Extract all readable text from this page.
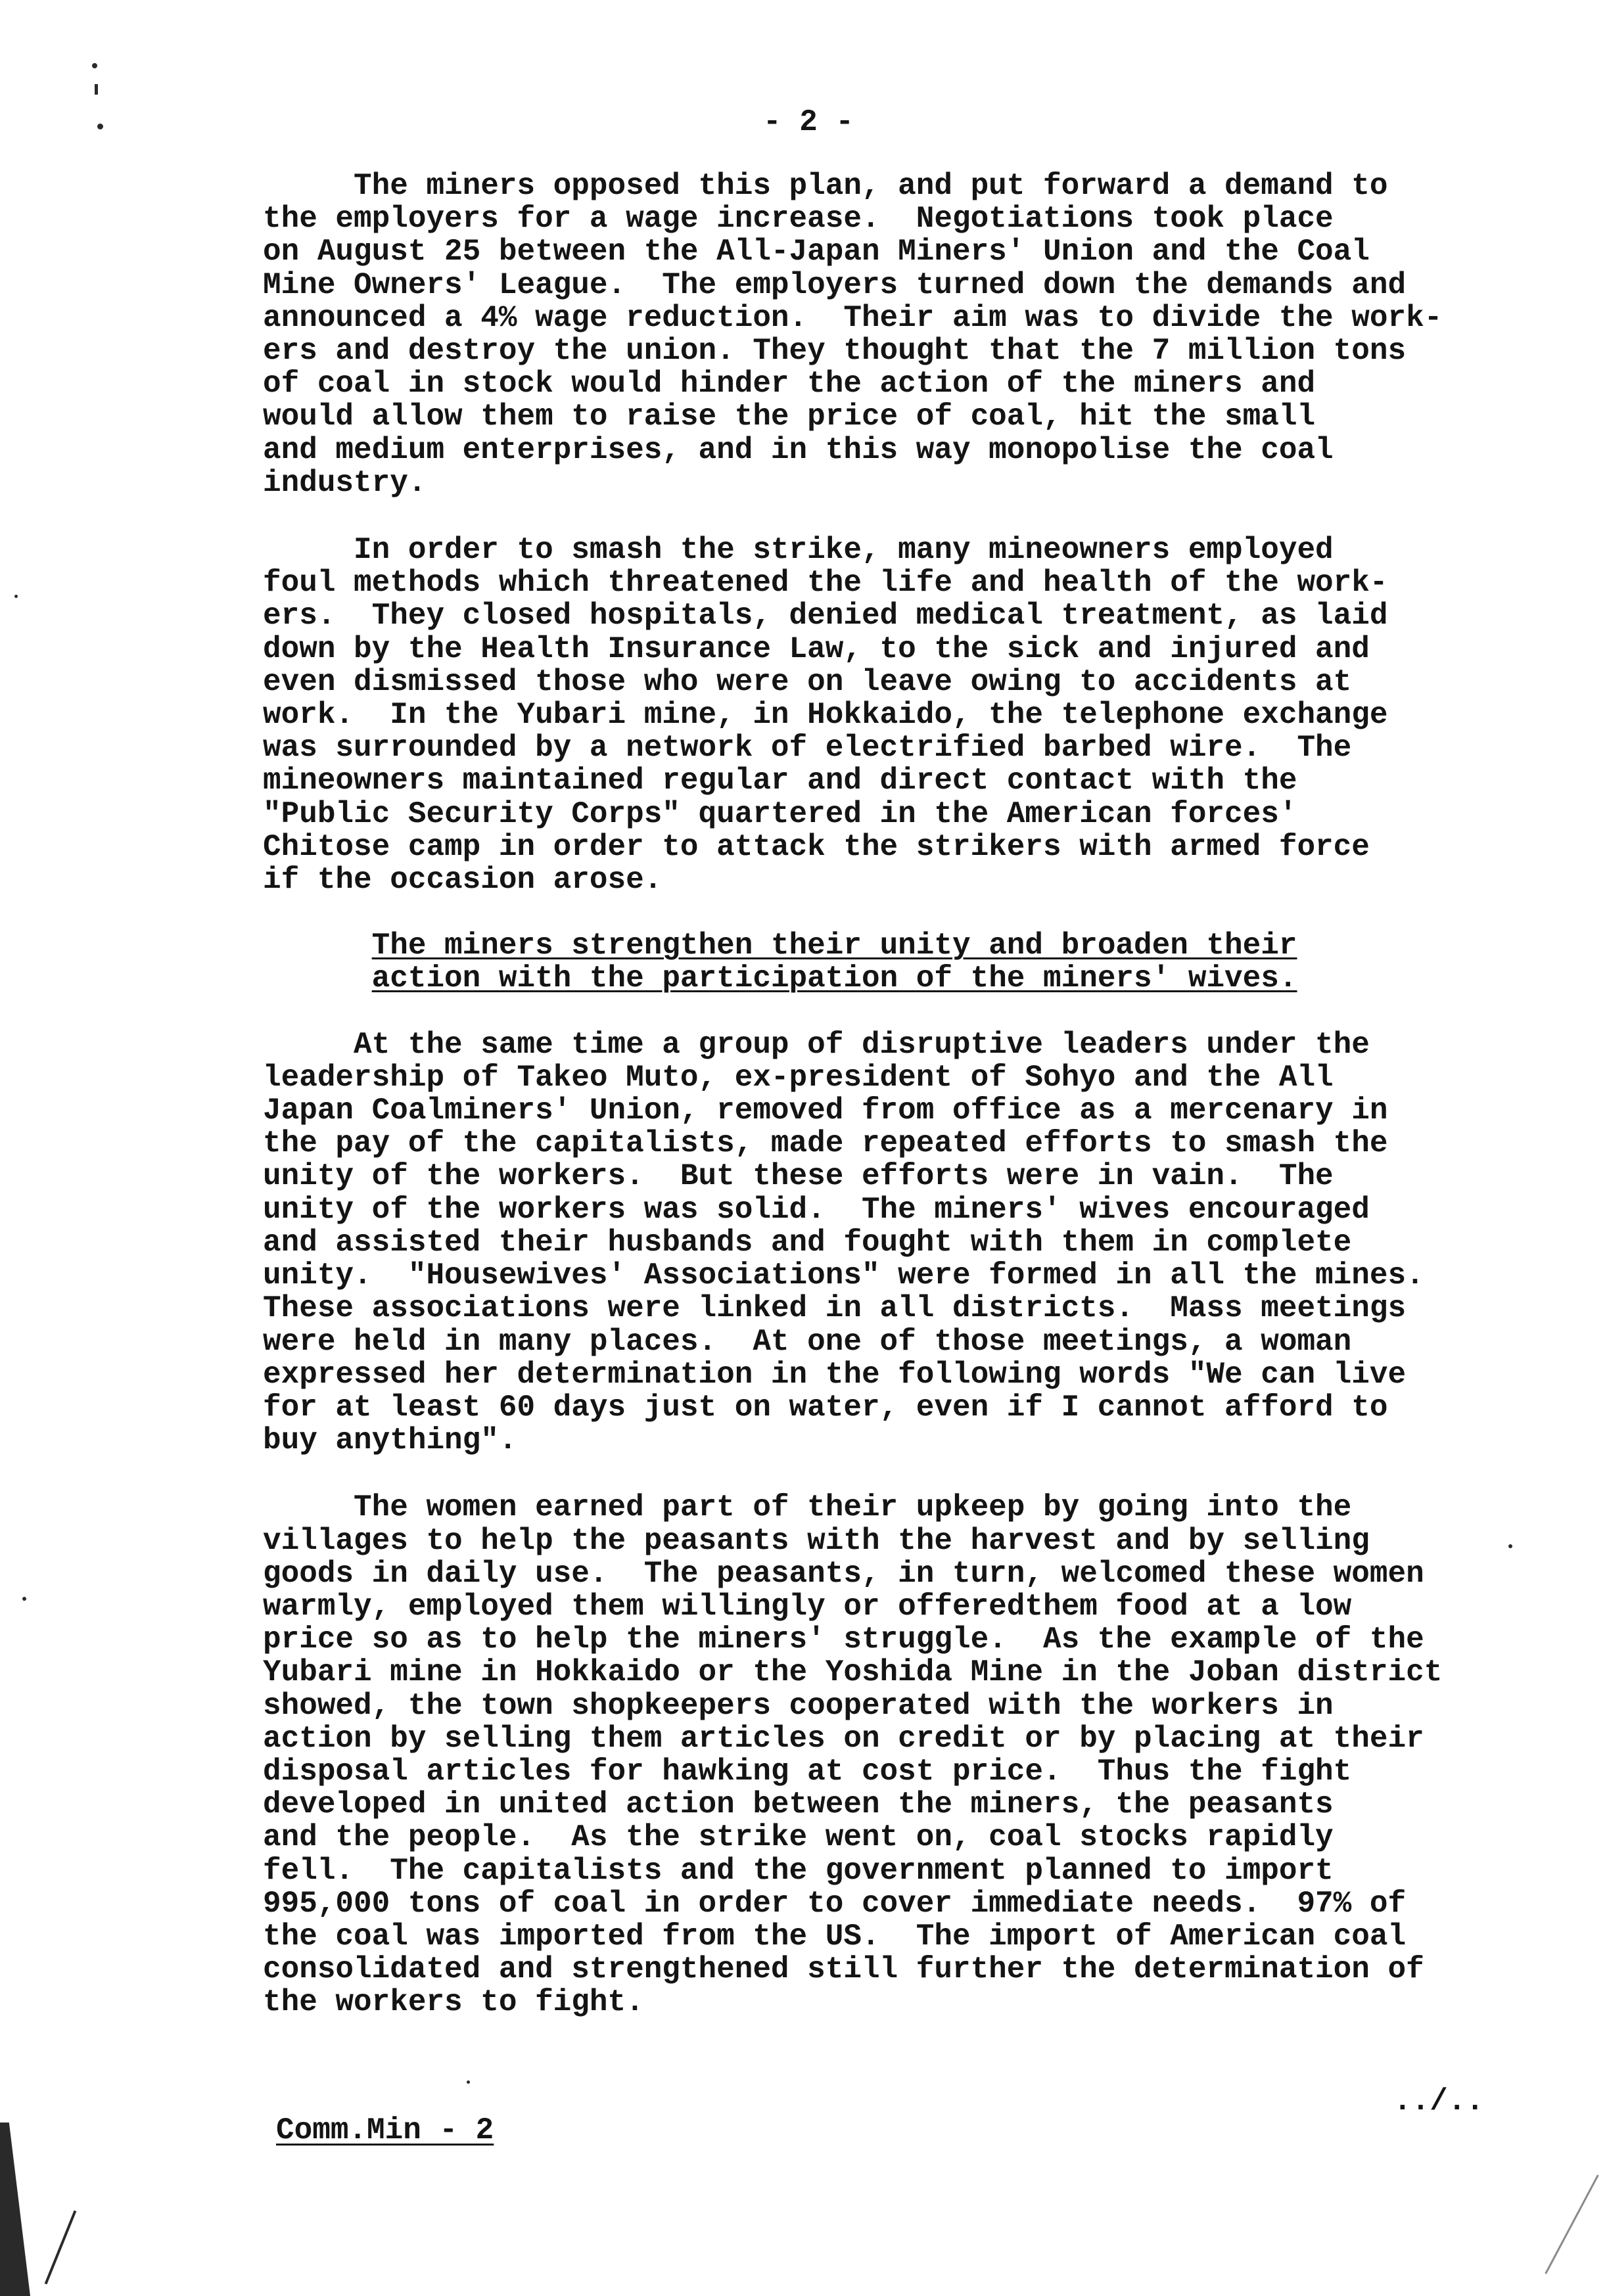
- 2 -

The miners opposed this plan, and put forward a demand to
the employers for a wage increase.  Negotiations took place
on August 25 between the All-Japan Miners' Union and the Coal
Mine Owners' League.  The employers turned down the demands and
announced a 4% wage reduction.  Their aim was to divide the work-
ers and destroy the union. They thought that the 7 million tons
of coal in stock would hinder the action of the miners and
would allow them to raise the price of coal, hit the small
and medium enterprises, and in this way monopolise the coal
industry.

In order to smash the strike, many mineowners employed
foul methods which threatened the life and health of the work-
ers.  They closed hospitals, denied medical treatment, as laid
down by the Health Insurance Law, to the sick and injured and
even dismissed those who were on leave owing to accidents at
work.  In the Yubari mine, in Hokkaido, the telephone exchange
was surrounded by a network of electrified barbed wire.  The
mineowners maintained regular and direct contact with the
"Public Security Corps" quartered in the American forces'
Chitose camp in order to attack the strikers with armed force
if the occasion arose.

The miners strengthen their unity and broaden their
action with the participation of the miners' wives.

At the same time a group of disruptive leaders under the
leadership of Takeo Muto, ex-president of Sohyo and the All
Japan Coalminers' Union, removed from office as a mercenary in
the pay of the capitalists, made repeated efforts to smash the
unity of the workers.  But these efforts were in vain.  The
unity of the workers was solid.  The miners' wives encouraged
and assisted their husbands and fought with them in complete
unity.  "Housewives' Associations" were formed in all the mines.
These associations were linked in all districts.  Mass meetings
were held in many places.  At one of those meetings, a woman
expressed her determination in the following words "We can live
for at least 60 days just on water, even if I cannot afford to
buy anything".

The women earned part of their upkeep by going into the
villages to help the peasants with the harvest and by selling
goods in daily use.  The peasants, in turn, welcomed these women
warmly, employed them willingly or offeredthem food at a low
price so as to help the miners' struggle.  As the example of the
Yubari mine in Hokkaido or the Yoshida Mine in the Joban district
showed, the town shopkeepers cooperated with the workers in
action by selling them articles on credit or by placing at their
disposal articles for hawking at cost price.  Thus the fight
developed in united action between the miners, the peasants
and the people.  As the strike went on, coal stocks rapidly
fell.  The capitalists and the government planned to import
995,000 tons of coal in order to cover immediate needs.  97% of
the coal was imported from the US.  The import of American coal
consolidated and strengthened still further the determination of
the workers to fight.

../..
Comm.Min - 2
